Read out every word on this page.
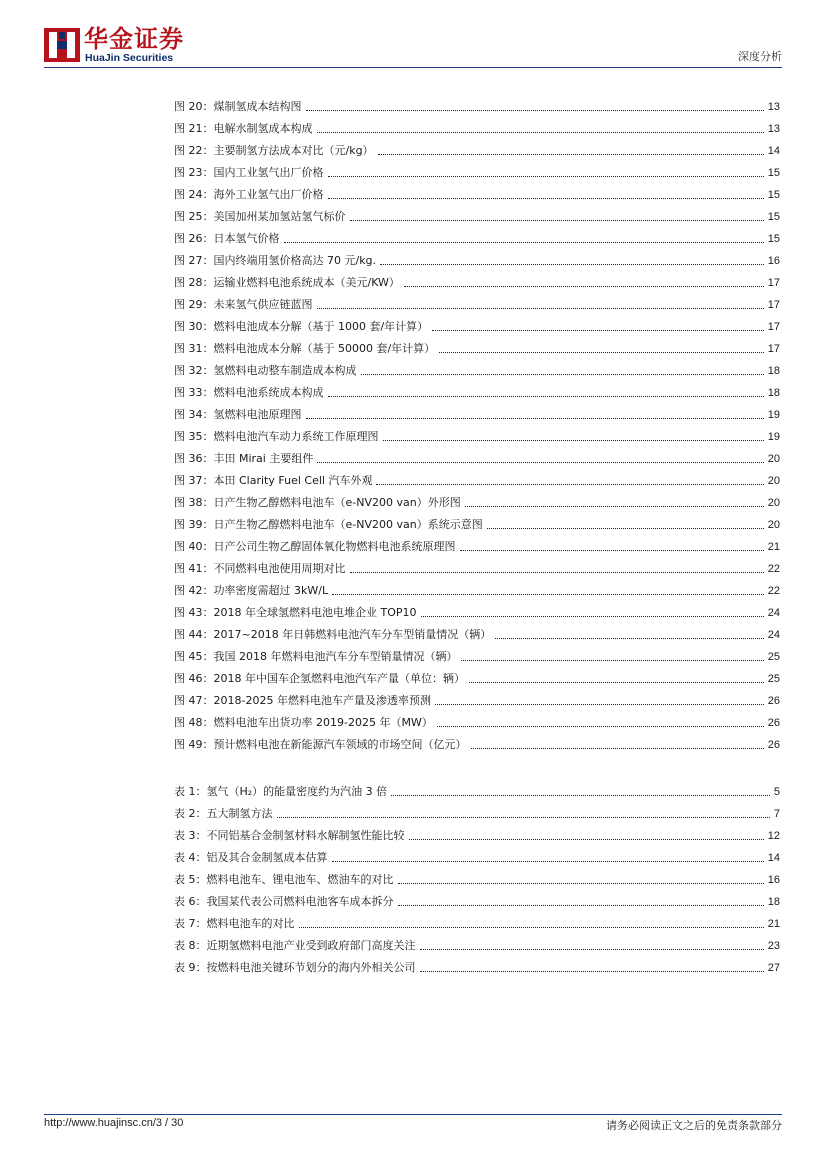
华金证券
HuaJin Securities	深度分析
图 20：煤制氢成本结构图	13
图 21：电解水制氢成本构成	13
图 22：主要制氢方法成本对比（元/kg）	14
图 23：国内工业氢气出厂价格	15
图 24：海外工业氢气出厂价格	15
图 25：美国加州某加氢站氢气标价	15
图 26：日本氢气价格	15
图 27：国内终端用氢价格高达 70 元/kg.	16
图 28：运输业燃料电池系统成本（美元/KW）	17
图 29：未来氢气供应链蓝图	17
图 30：燃料电池成本分解（基于 1000 套/年计算）	17
图 31：燃料电池成本分解（基于 50000 套/年计算）	17
图 32：氢燃料电动整车制造成本构成	18
图 33：燃料电池系统成本构成	18
图 34：氢燃料电池原理图	19
图 35：燃料电池汽车动力系统工作原理图	19
图 36：丰田 Mirai 主要组件	20
图 37：本田 Clarity Fuel Cell 汽车外观	20
图 38：日产生物乙醇燃料电池车（e-NV200 van）外形图	20
图 39：日产生物乙醇燃料电池车（e-NV200 van）系统示意图	20
图 40：日产公司生物乙醇固体氧化物燃料电池系统原理图	21
图 41：不同燃料电池使用周期对比	22
图 42：功率密度需超过 3kW/L	22
图 43：2018 年全球氢燃料电池电堆企业 TOP10	24
图 44：2017~2018 年日韩燃料电池汽车分车型销量情况（辆）	24
图 45：我国 2018 年燃料电池汽车分车型销量情况（辆）	25
图 46：2018 年中国车企氢燃料电池汽车产量（单位：辆）	25
图 47：2018-2025 年燃料电池车产量及渗透率预测	26
图 48：燃料电池车出货功率 2019-2025 年（MW）	26
图 49：预计燃料电池在新能源汽车领域的市场空间（亿元）	26
表 1：氢气（H₂）的能量密度约为汽油 3 倍	5
表 2：五大制氢方法	7
表 3：不同铝基合金制氢材料水解制氢性能比较	12
表 4：铝及其合金制氢成本估算	14
表 5：燃料电池车、锂电池车、燃油车的对比	16
表 6：我国某代表公司燃料电池客车成本拆分	18
表 7：燃料电池车的对比	21
表 8：近期氢燃料电池产业受到政府部门高度关注	23
表 9：按燃料电池关键环节划分的海内外相关公司	27
http://www.huajinsc.cn/3 / 30	请务必阅读正文之后的免责条款部分
